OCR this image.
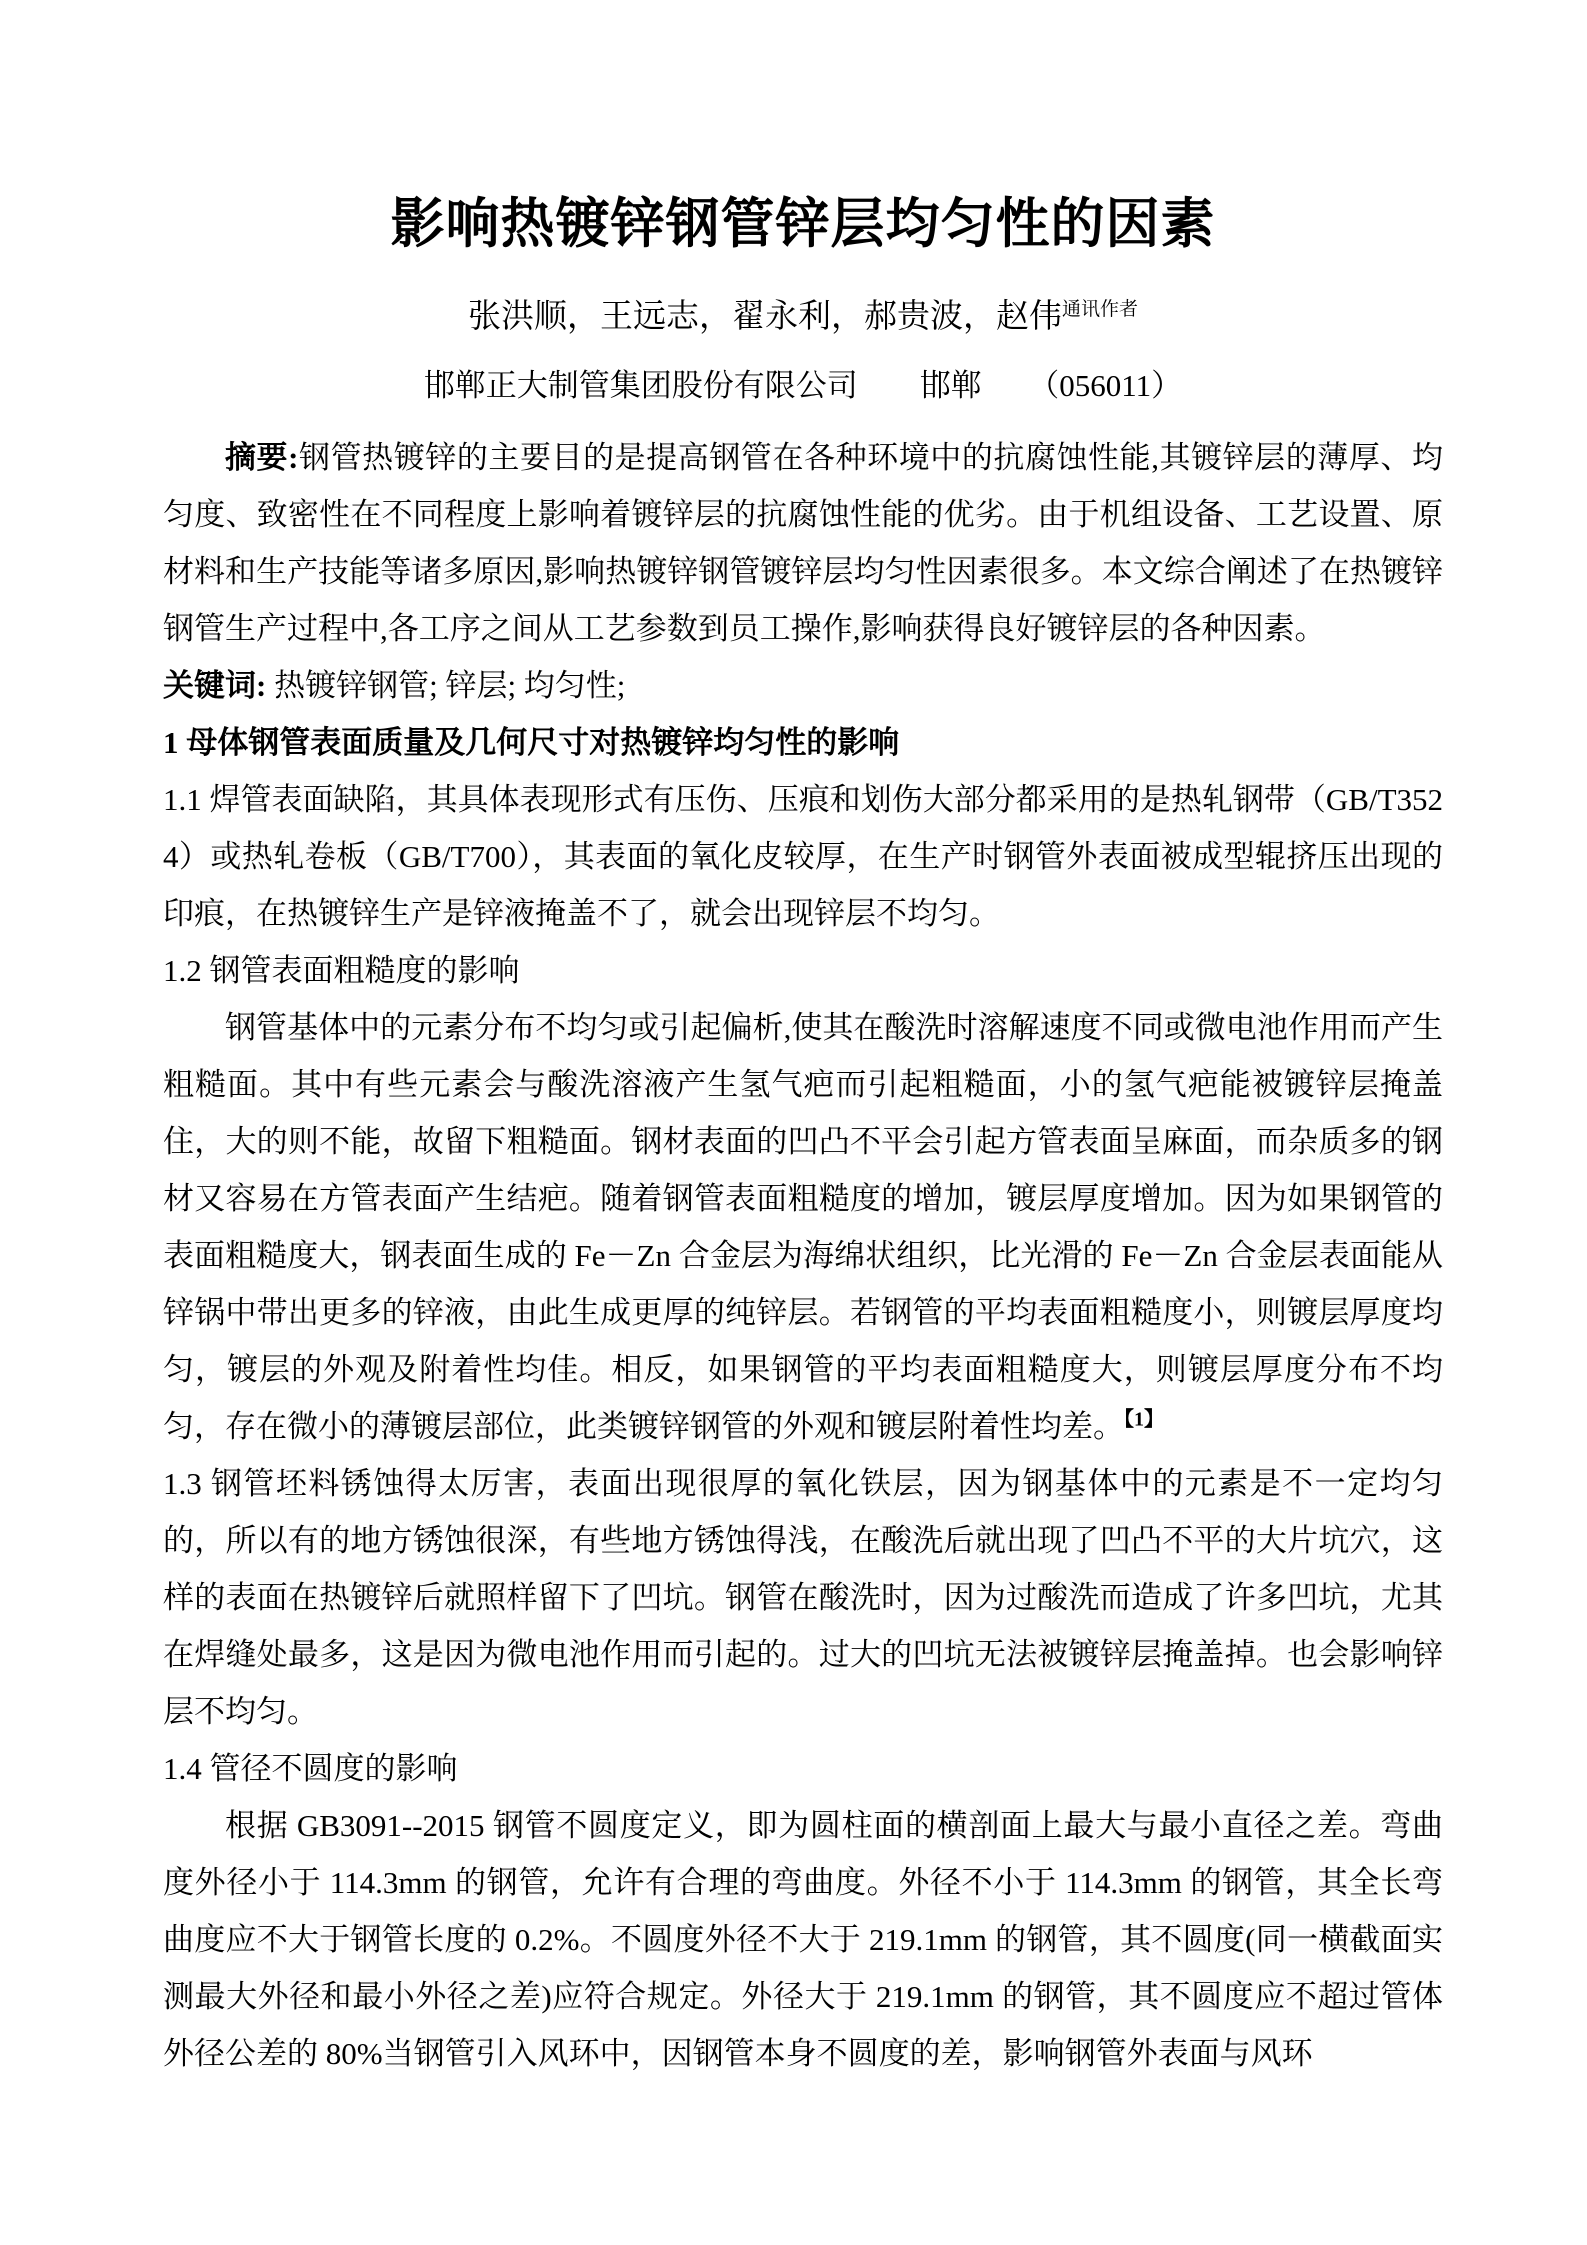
影响热镀锌钢管锌层均匀性的因素
张洪顺，王远志，翟永利，郝贵波，赵伟$^{通讯作者}$
邯郸正大制管集团股份有限公司　　邯郸　　（056011）

摘要:钢管热镀锌的主要目的是提高钢管在各种环境中的抗腐蚀性能,其镀锌层的薄厚、均匀度、致密性在不同程度上影响着镀锌层的抗腐蚀性能的优劣。由于机组设备、工艺设置、原材料和生产技能等诸多原因,影响热镀锌钢管镀锌层均匀性因素很多。本文综合阐述了在热镀锌钢管生产过程中,各工序之间从工艺参数到员工操作,影响获得良好镀锌层的各种因素。

关键词: 热镀锌钢管; 锌层; 均匀性;

1 母体钢管表面质量及几何尺寸对热镀锌均匀性的影响

1.1 焊管表面缺陷，其具体表现形式有压伤、压痕和划伤大部分都采用的是热轧钢带（GB/T3524）或热轧卷板（GB/T700），其表面的氧化皮较厚，在生产时钢管外表面被成型辊挤压出现的印痕，在热镀锌生产是锌液掩盖不了，就会出现锌层不均匀。

1.2 钢管表面粗糙度的影响

钢管基体中的元素分布不均匀或引起偏析,使其在酸洗时溶解速度不同或微电池作用而产生粗糙面。其中有些元素会与酸洗溶液产生氢气疤而引起粗糙面，小的氢气疤能被镀锌层掩盖住，大的则不能，故留下粗糙面。钢材表面的凹凸不平会引起方管表面呈麻面，而杂质多的钢材又容易在方管表面产生结疤。随着钢管表面粗糙度的增加，镀层厚度增加。因为如果钢管的表面粗糙度大，钢表面生成的 Fe－Zn 合金层为海绵状组织，比光滑的 Fe－Zn 合金层表面能从锌锅中带出更多的锌液，由此生成更厚的纯锌层。若钢管的平均表面粗糙度小，则镀层厚度均匀，镀层的外观及附着性均佳。相反，如果钢管的平均表面粗糙度大，则镀层厚度分布不均匀，存在微小的薄镀层部位，此类镀锌钢管的外观和镀层附着性均差。$^{【1】}$

1.3 钢管坯料锈蚀得太厉害，表面出现很厚的氧化铁层，因为钢基体中的元素是不一定均匀的，所以有的地方锈蚀很深，有些地方锈蚀得浅，在酸洗后就出现了凹凸不平的大片坑穴，这样的表面在热镀锌后就照样留下了凹坑。钢管在酸洗时，因为过酸洗而造成了许多凹坑，尤其在焊缝处最多，这是因为微电池作用而引起的。过大的凹坑无法被镀锌层掩盖掉。也会影响锌层不均匀。

1.4 管径不圆度的影响

根据 GB3091--2015 钢管不圆度定义，即为圆柱面的横剖面上最大与最小直径之差。弯曲度外径小于 114.3mm 的钢管，允许有合理的弯曲度。外径不小于 114.3mm 的钢管，其全长弯曲度应不大于钢管长度的 0.2%。不圆度外径不大于 219.1mm 的钢管，其不圆度(同一横截面实测最大外径和最小外径之差)应符合规定。外径大于 219.1mm 的钢管，其不圆度应不超过管体外径公差的 80%当钢管引入风环中，因钢管本身不圆度的差，影响钢管外表面与风环
